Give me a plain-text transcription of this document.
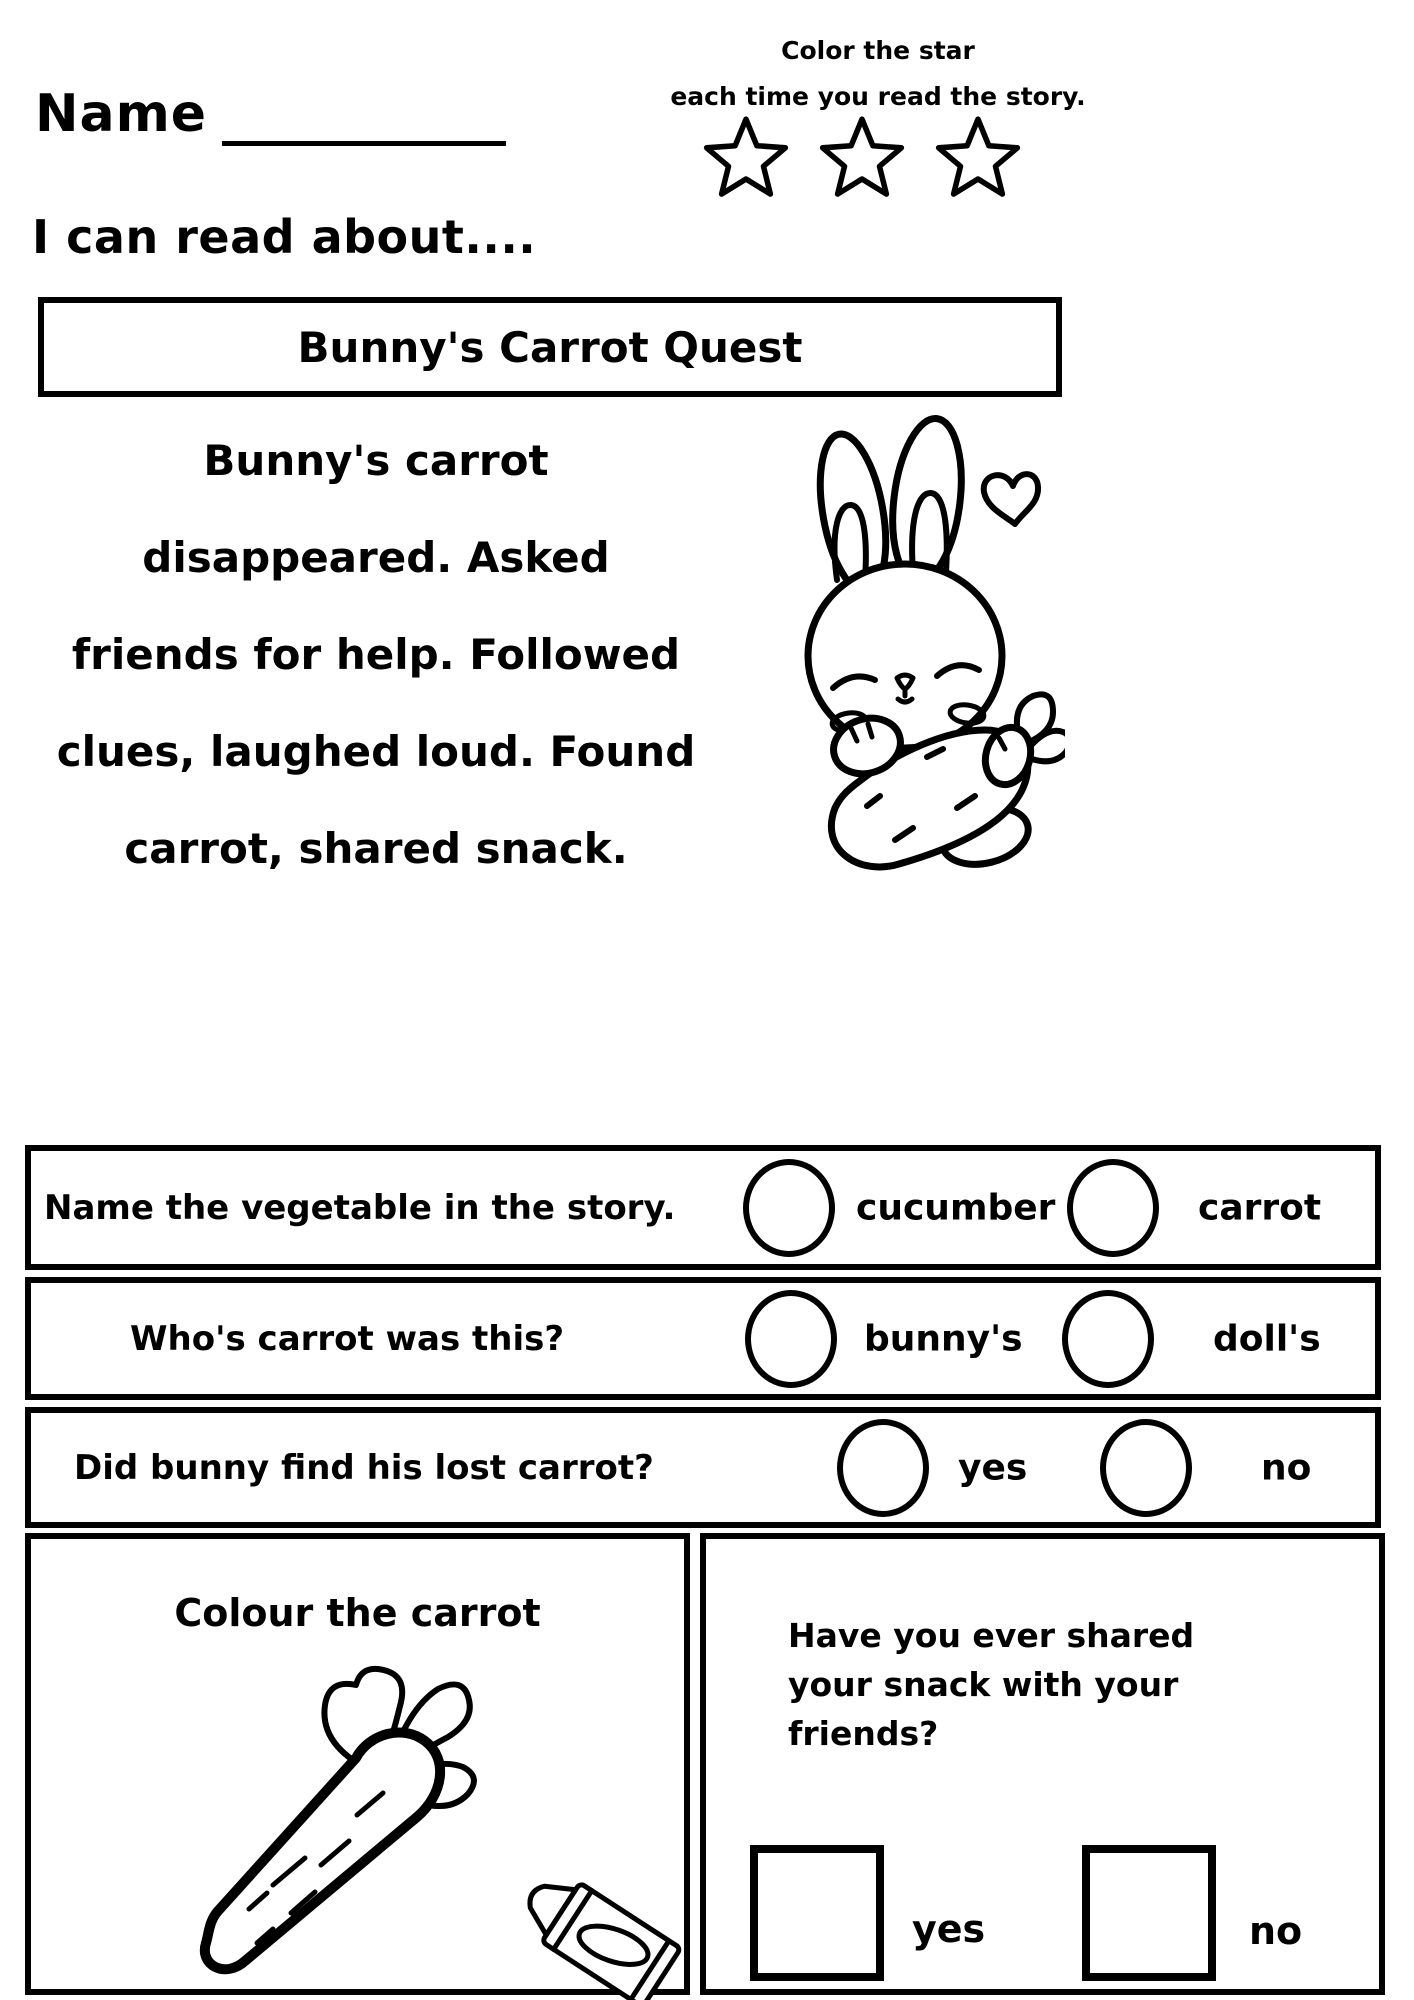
Name
Color the star
each time you read the story.
I can read about....
Bunny's Carrot Quest
Bunny's carrot
disappeared. Asked
friends for help. Followed
clues, laughed loud. Found
carrot, shared snack.
Name the vegetable in the story.	cucumber	carrot
Who's carrot was this?	bunny's	doll's
Did bunny find his lost carrot?	yes	no
Colour the carrot
Have you ever shared
your snack with your
friends?
yes	no
